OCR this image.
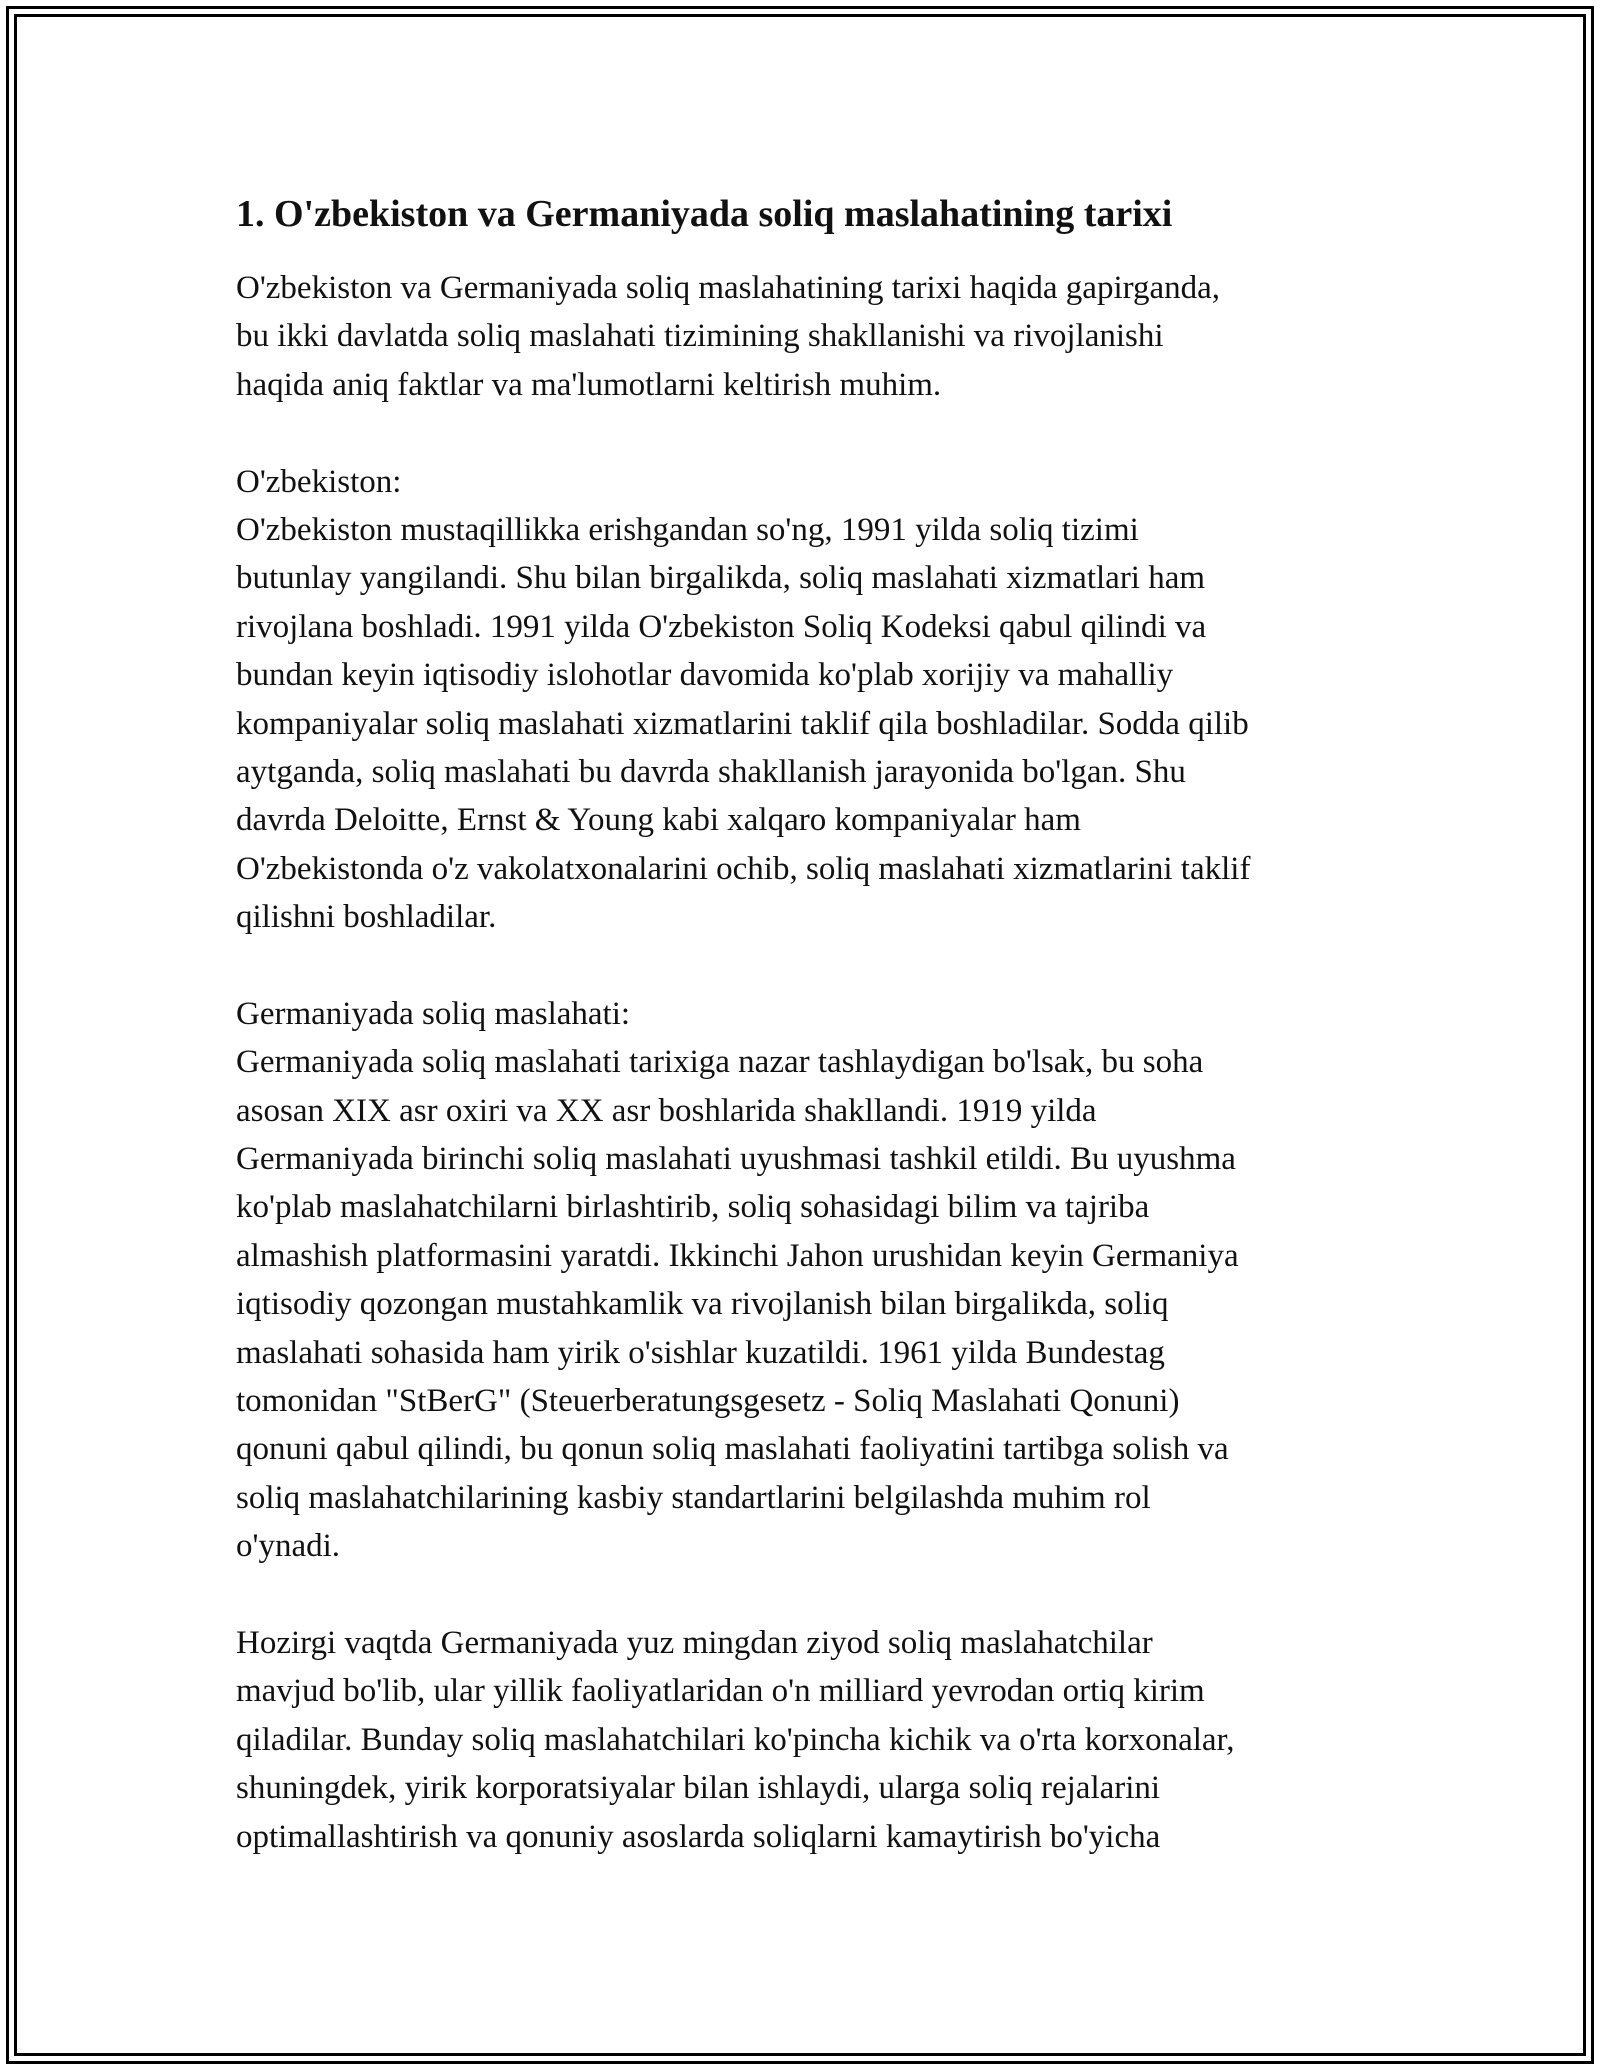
1. O'zbekiston va Germaniyada soliq maslahatining tarixi
O'zbekiston va Germaniyada soliq maslahatining tarixi haqida gapirganda,
bu ikki davlatda soliq maslahati tizimining shakllanishi va rivojlanishi
haqida aniq faktlar va ma'lumotlarni keltirish muhim.
O'zbekiston:
O'zbekiston mustaqillikka erishgandan so'ng, 1991 yilda soliq tizimi
butunlay yangilandi. Shu bilan birgalikda, soliq maslahati xizmatlari ham
rivojlana boshladi. 1991 yilda O'zbekiston Soliq Kodeksi qabul qilindi va
bundan keyin iqtisodiy islohotlar davomida ko'plab xorijiy va mahalliy
kompaniyalar soliq maslahati xizmatlarini taklif qila boshladilar. Sodda qilib
aytganda, soliq maslahati bu davrda shakllanish jarayonida bo'lgan. Shu
davrda Deloitte, Ernst & Young kabi xalqaro kompaniyalar ham
O'zbekistonda o'z vakolatxonalarini ochib, soliq maslahati xizmatlarini taklif
qilishni boshladilar.
Germaniyada soliq maslahati:
Germaniyada soliq maslahati tarixiga nazar tashlaydigan bo'lsak, bu soha
asosan XIX asr oxiri va XX asr boshlarida shakllandi. 1919 yilda
Germaniyada birinchi soliq maslahati uyushmasi tashkil etildi. Bu uyushma
ko'plab maslahatchilarni birlashtirib, soliq sohasidagi bilim va tajriba
almashish platformasini yaratdi. Ikkinchi Jahon urushidan keyin Germaniya
iqtisodiy qozongan mustahkamlik va rivojlanish bilan birgalikda, soliq
maslahati sohasida ham yirik o'sishlar kuzatildi. 1961 yilda Bundestag
tomonidan "StBerG" (Steuerberatungsgesetz - Soliq Maslahati Qonuni)
qonuni qabul qilindi, bu qonun soliq maslahati faoliyatini tartibga solish va
soliq maslahatchilarining kasbiy standartlarini belgilashda muhim rol
o'ynadi.
Hozirgi vaqtda Germaniyada yuz mingdan ziyod soliq maslahatchilar
mavjud bo'lib, ular yillik faoliyatlaridan o'n milliard yevrodan ortiq kirim
qiladilar. Bunday soliq maslahatchilari ko'pincha kichik va o'rta korxonalar,
shuningdek, yirik korporatsiyalar bilan ishlaydi, ularga soliq rejalarini
optimallashtirish va qonuniy asoslarda soliqlarni kamaytirish bo'yicha
